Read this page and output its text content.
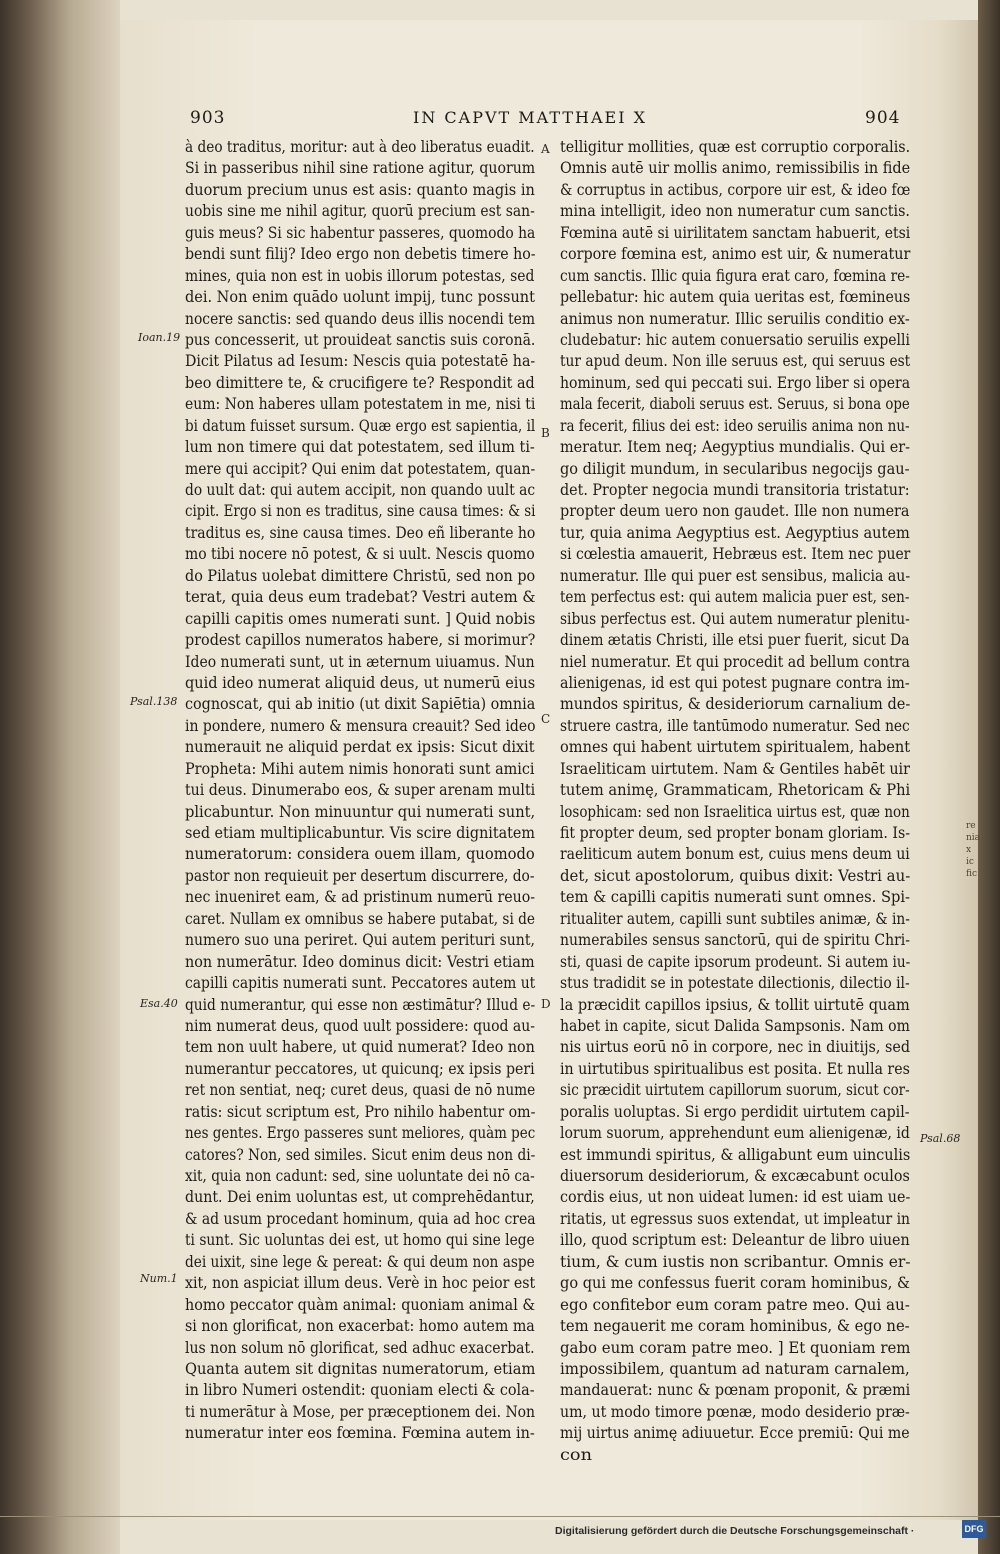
903	IN CAPVT MATTHAEI X	904
à deo traditus, moritur: aut à deo liberatus euadit.
Si in passeribus nihil sine ratione agitur, quorum
duorum precium unus est asis: quanto magis in
uobis sine me nihil agitur, quorū precium est san-
guis meus? Si sic habentur passeres, quomodo ha
bendi sunt filij? Ideo ergo non debetis timere ho-
mines, quia non est in uobis illorum potestas, sed
dei. Non enim quādo uolunt impij, tunc possunt
nocere sanctis: sed quando deus illis nocendi tem
pus concesserit, ut prouideat sanctis suis coronā.
Dicit Pilatus ad Iesum: Nescis quia potestatē ha-
beo dimittere te, & crucifigere te? Respondit ad
eum: Non haberes ullam potestatem in me, nisi ti
bi datum fuisset sursum. Quæ ergo est sapientia, il
lum non timere qui dat potestatem, sed illum ti-
mere qui accipit? Qui enim dat potestatem, quan-
do uult dat: qui autem accipit, non quando uult ac
cipit. Ergo si non es traditus, sine causa times: & si
traditus es, sine causa times. Deo eñ liberante ho
mo tibi nocere nō potest, & si uult. Nescis quomo
do Pilatus uolebat dimittere Christū, sed non po
terat, quia deus eum tradebat? Vestri autem &
capilli capitis omes numerati sunt. ] Quid nobis
prodest capillos numeratos habere, si morimur?
Ideo numerati sunt, ut in æternum uiuamus. Nun
quid ideo numerat aliquid deus, ut numerū eius
cognoscat, qui ab initio (ut dixit Sapiētia) omnia
in pondere, numero & mensura creauit? Sed ideo
numerauit ne aliquid perdat ex ipsis: Sicut dixit
Propheta: Mihi autem nimis honorati sunt amici
tui deus. Dinumerabo eos, & super arenam multi
plicabuntur. Non minuuntur qui numerati sunt,
sed etiam multiplicabuntur. Vis scire dignitatem
numeratorum: considera ouem illam, quomodo
pastor non requieuit per desertum discurrere, do-
nec inueniret eam, & ad pristinum numerū reuo-
caret. Nullam ex omnibus se habere putabat, si de
numero suo una periret. Qui autem perituri sunt,
non numerātur. Ideo dominus dicit: Vestri etiam
capilli capitis numerati sunt. Peccatores autem ut
quid numerantur, qui esse non æstimātur? Illud e-
nim numerat deus, quod uult possidere: quod au-
tem non uult habere, ut quid numerat? Ideo non
numerantur peccatores, ut quicunq; ex ipsis peri
ret non sentiat, neq; curet deus, quasi de nō nume
ratis: sicut scriptum est, Pro nihilo habentur om-
nes gentes. Ergo passeres sunt meliores, quàm pec
catores? Non, sed similes. Sicut enim deus non di-
xit, quia non cadunt: sed, sine uoluntate dei nō ca-
dunt. Dei enim uoluntas est, ut comprehēdantur,
& ad usum procedant hominum, quia ad hoc crea
ti sunt. Sic uoluntas dei est, ut homo qui sine lege
dei uixit, sine lege & pereat: & qui deum non aspe
xit, non aspiciat illum deus. Verè in hoc peior est
homo peccator quàm animal: quoniam animal &
si non glorificat, non exacerbat: homo autem ma
lus non solum nō glorificat, sed adhuc exacerbat.
Quanta autem sit dignitas numeratorum, etiam
in libro Numeri ostendit: quoniam electi & cola-
ti numerātur à Mose, per præceptionem dei. Non
numeratur inter eos fœmina. Fœmina autem in-
telligitur mollities, quæ est corruptio corporalis.
Omnis autē uir mollis animo, remissibilis in fide
& corruptus in actibus, corpore uir est, & ideo fœ
mina intelligit, ideo non numeratur cum sanctis.
Fœmina autē si uirilitatem sanctam habuerit, etsi
corpore fœmina est, animo est uir, & numeratur
cum sanctis. Illic quia figura erat caro, fœmina re-
pellebatur: hic autem quia ueritas est, fœmineus
animus non numeratur. Illic seruilis conditio ex-
cludebatur: hic autem conuersatio seruilis expelli
tur apud deum. Non ille seruus est, qui seruus est
hominum, sed qui peccati sui. Ergo liber si opera
mala fecerit, diaboli seruus est. Seruus, si bona ope
ra fecerit, filius dei est: ideo seruilis anima non nu-
meratur. Item neq; Aegyptius mundialis. Qui er-
go diligit mundum, in secularibus negocijs gau-
det. Propter negocia mundi transitoria tristatur:
propter deum uero non gaudet. Ille non numera
tur, quia anima Aegyptius est. Aegyptius autem
si cœlestia amauerit, Hebræus est. Item nec puer
numeratur. Ille qui puer est sensibus, malicia au-
tem perfectus est: qui autem malicia puer est, sen-
sibus perfectus est. Qui autem numeratur plenitu-
dinem ætatis Christi, ille etsi puer fuerit, sicut Da
niel numeratur. Et qui procedit ad bellum contra
alienigenas, id est qui potest pugnare contra im-
mundos spiritus, & desideriorum carnalium de-
struere castra, ille tantūmodo numeratur. Sed nec
omnes qui habent uirtutem spiritualem, habent
Israeliticam uirtutem. Nam & Gentiles habēt uir
tutem animę, Grammaticam, Rhetoricam & Phi
losophicam: sed non Israelitica uirtus est, quæ non
fit propter deum, sed propter bonam gloriam. Is-
raeliticum autem bonum est, cuius mens deum ui
det, sicut apostolorum, quibus dixit: Vestri au-
tem & capilli capitis numerati sunt omnes. Spi-
ritualiter autem, capilli sunt subtiles animæ, & in-
numerabiles sensus sanctorū, qui de spiritu Chri-
sti, quasi de capite ipsorum prodeunt. Si autem iu-
stus tradidit se in potestate dilectionis, dilectio il-
la præcidit capillos ipsius, & tollit uirtutē quam
habet in capite, sicut Dalida Sampsonis. Nam om
nis uirtus eorū nō in corpore, nec in diuitijs, sed
in uirtutibus spiritualibus est posita. Et nulla res
sic præcidit uirtutem capillorum suorum, sicut cor-
poralis uoluptas. Si ergo perdidit uirtutem capil-
lorum suorum, apprehendunt eum alienigenæ, id
est immundi spiritus, & alligabunt eum uinculis
diuersorum desideriorum, & excæcabunt oculos
cordis eius, ut non uideat lumen: id est uiam ue-
ritatis, ut egressus suos extendat, ut impleatur in
illo, quod scriptum est: Deleantur de libro uiuen
tium, & cum iustis non scribantur. Omnis er-
go qui me confessus fuerit coram hominibus, &
ego confitebor eum coram patre meo. Qui au-
tem negauerit me coram hominibus, & ego ne-
gabo eum coram patre meo. ] Et quoniam rem
impossibilem, quantum ad naturam carnalem,
mandauerat: nunc & pœnam proponit, & præmi
um, ut modo timore pœnæ, modo desiderio præ-
mij uirtus animę adiuuetur. Ecce premiū: Qui me
con
Ioan.19
Psal.138
Esa.40
Num.1
Psal.68
A
B
C
D
re
nia
x
ic
fic
Digitalisierung gefördert durch die Deutsche Forschungsgemeinschaft ·	DFG
